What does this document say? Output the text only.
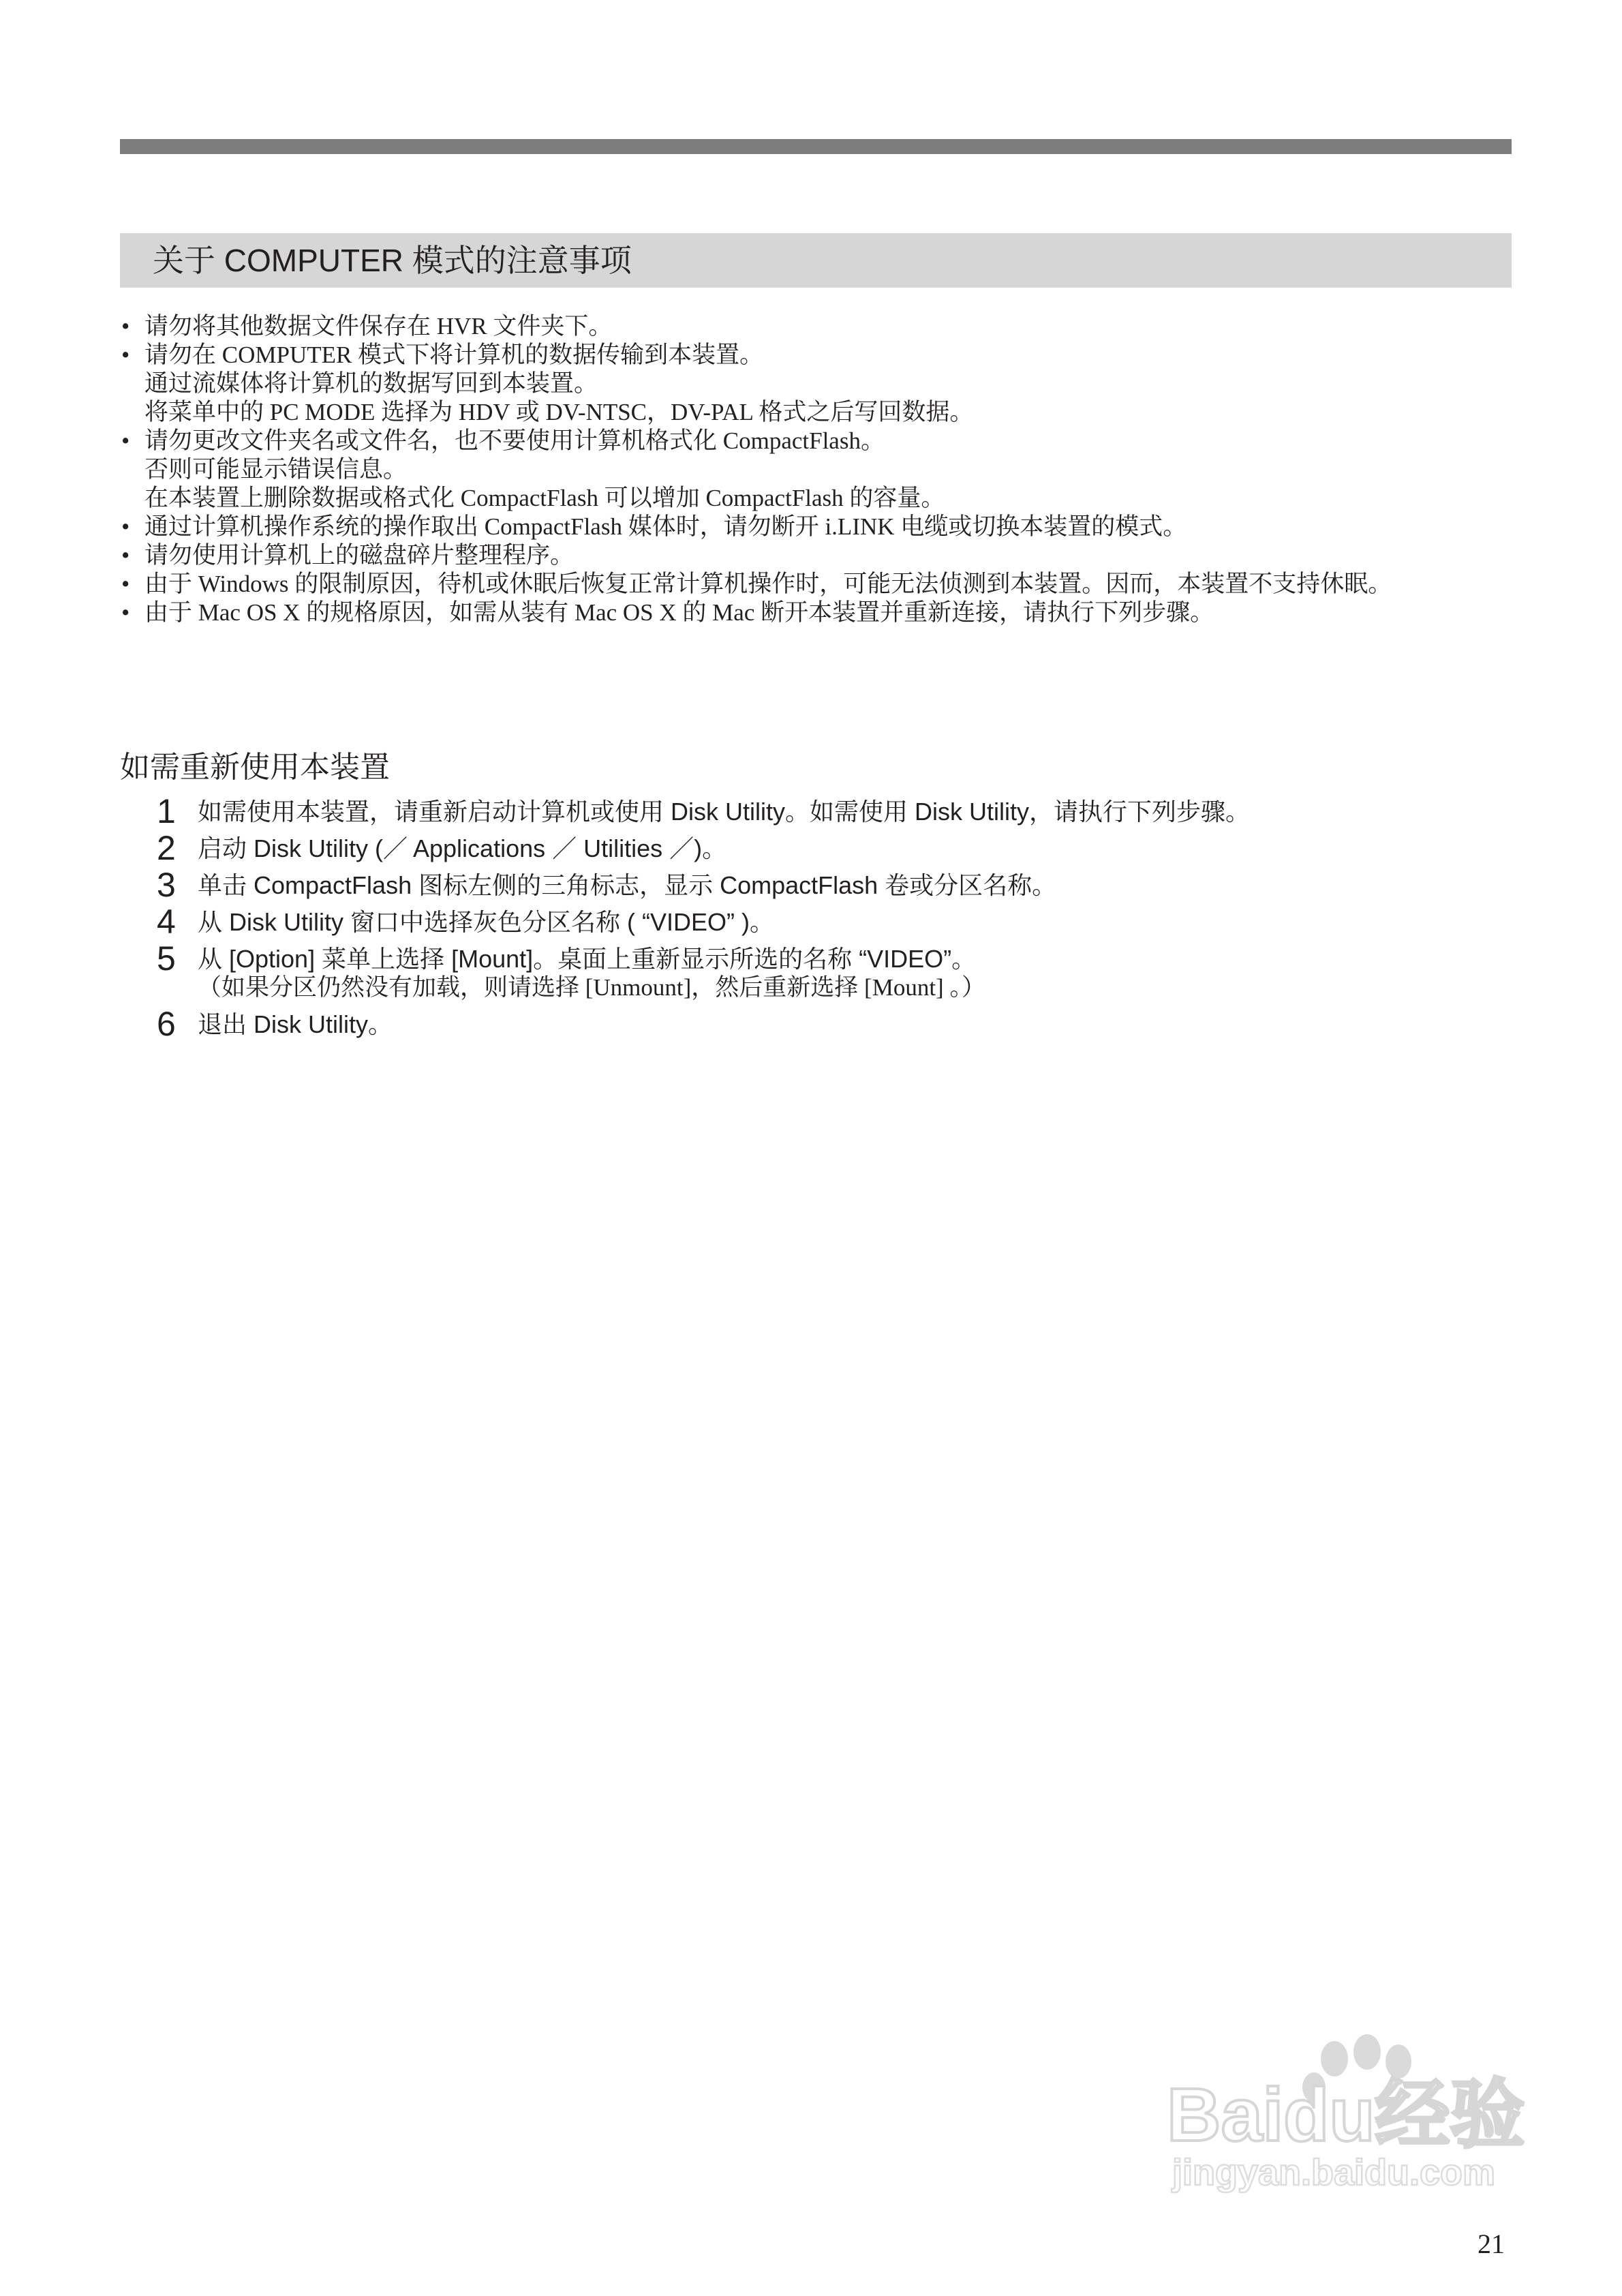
关于 COMPUTER 模式的注意事项
• 请勿将其他数据文件保存在 HVR 文件夹下。
• 请勿在 COMPUTER 模式下将计算机的数据传输到本装置。
通过流媒体将计算机的数据写回到本装置。
将菜单中的 PC MODE 选择为 HDV 或 DV-NTSC，DV-PAL 格式之后写回数据。
• 请勿更改文件夹名或文件名，也不要使用计算机格式化 CompactFlash。
否则可能显示错误信息。
在本装置上删除数据或格式化 CompactFlash 可以增加 CompactFlash 的容量。
• 通过计算机操作系统的操作取出 CompactFlash 媒体时，请勿断开 i.LINK 电缆或切换本装置的模式。
• 请勿使用计算机上的磁盘碎片整理程序。
• 由于 Windows 的限制原因，待机或休眠后恢复正常计算机操作时，可能无法侦测到本装置。因而，本装置不支持休眠。
• 由于 Mac OS X 的规格原因，如需从装有 Mac OS X 的 Mac 断开本装置并重新连接，请执行下列步骤。
如需重新使用本装置
1 如需使用本装置，请重新启动计算机或使用 Disk Utility。如需使用 Disk Utility，请执行下列步骤。
2 启动 Disk Utility (／ Applications ／ Utilities ／)。
3 单击 CompactFlash 图标左侧的三角标志，显示 CompactFlash 卷或分区名称。
4 从 Disk Utility 窗口中选择灰色分区名称 ( “VIDEO” )。
5 从 [Option] 菜单上选择 [Mount]。桌面上重新显示所选的名称 “VIDEO”。
（如果分区仍然没有加载，则请选择 [Unmount]，然后重新选择 [Mount] 。）
6 退出 Disk Utility。
Baidu经验
jingyan.baidu.com
21
